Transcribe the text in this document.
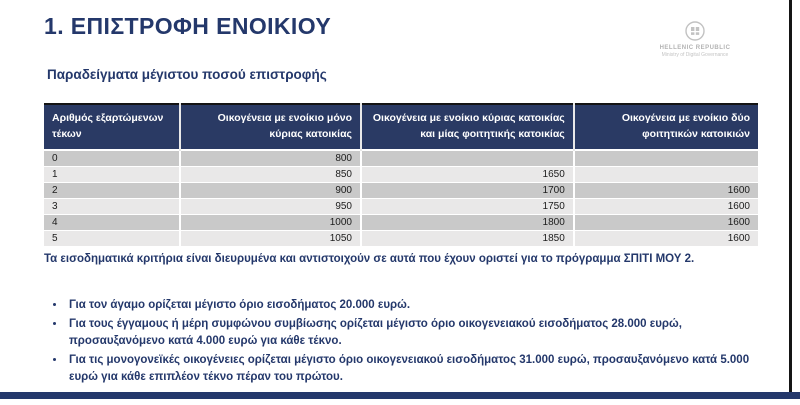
1. ΕΠΙΣΤΡΟΦΗ ΕΝΟΙΚΙΟΥ
HELLENIC REPUBLIC
Ministry of Digital Governance
Παραδείγματα μέγιστου ποσού επιστροφής
Αριθμός εξαρτώμενων τέκων	Οικογένεια με ενοίκιο μόνο κύριας κατοικίας	Οικογένεια με ενοίκιο κύριας κατοικίας και μίας φοιτητικής κατοικίας	Οικογένεια με ενοίκιο δύο φοιτητικών κατοικιών
0	800		
1	850	1650	
2	900	1700	1600
3	950	1750	1600
4	1000	1800	1600
5	1050	1850	1600

Τα εισοδηματικά κριτήρια είναι διευρυμένα και αντιστοιχούν σε αυτά που έχουν οριστεί για το πρόγραμμα ΣΠΙΤΙ ΜΟΥ 2.

• Για τον άγαμο ορίζεται μέγιστο όριο εισοδήματος 20.000 ευρώ.
• Για τους έγγαμους ή μέρη συμφώνου συμβίωσης ορίζεται μέγιστο όριο οικογενειακού εισοδήματος 28.000 ευρώ, προσαυξανόμενο κατά 4.000 ευρώ για κάθε τέκνο.
• Για τις μονογονεϊκές οικογένειες ορίζεται μέγιστο όριο οικογενειακού εισοδήματος 31.000 ευρώ, προσαυξανόμενο κατά 5.000 ευρώ για κάθε επιπλέον τέκνο πέραν του πρώτου.
